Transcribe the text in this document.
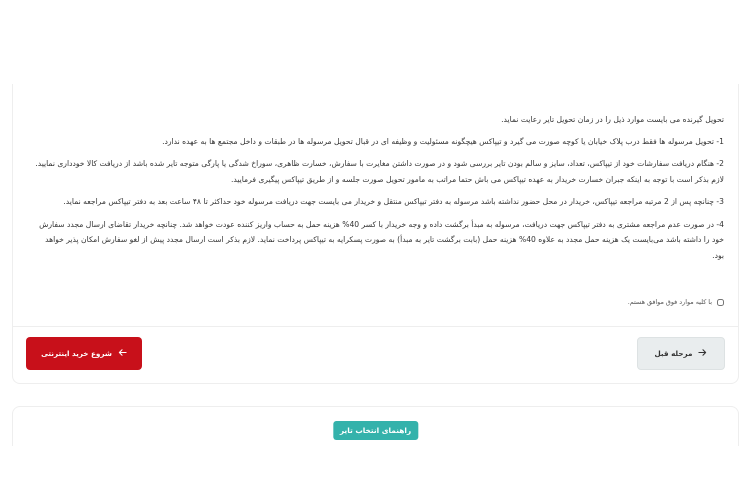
تحویل گیرنده می بایست موارد ذیل را در زمان تحویل تایر رعایت نماید.

1- تحویل مرسوله ها فقط درب پلاک خیابان یا کوچه صورت می گیرد و تیپاکس هیچگونه مسئولیت و وظیفه ای در قبال تحویل مرسوله ها در طبقات و داخل مجتمع ها به عهده ندارد.

2- هنگام دریافت سفارشات خود از تیپاکس، تعداد، سایز و سالم بودن تایر بررسی شود و در صورت داشتن مغایرت با سفارش، خسارت ظاهری، سوراخ شدگی یا پارگی متوجه تایر شده باشد از دریافت کالا خودداری نمایید. لازم بذکر است با توجه به اینکه جبران خسارت خریدار به عهده تیپاکس می باش حتما مراتب به مامور تحویل صورت جلسه و از طریق تیپاکس پیگیری فرمایید.

3- چنانچه پس از 2 مرتبه مراجعه تیپاکس، خریدار در محل حضور نداشته باشد مرسوله به دفتر تیپاکس منتقل و خریدار می بایست جهت دریافت مرسوله خود حداکثر تا ۴۸ ساعت بعد به دفتر تیپاکس مراجعه نماید.

4- در صورت عدم مراجعه مشتری به دفتر تیپاکس جهت دریافت، مرسوله به مبدأ برگشت داده و وجه خریدار با کسر 40% هزینه حمل به حساب واریز کننده عودت خواهد شد. چنانچه خریدار تقاضای ارسال مجدد سفارش خود را داشته باشد می‌بایست یک هزینه حمل مجدد به علاوه 40% هزینه حمل (بابت برگشت تایر به مبدأ) به صورت پسکرایه به تیپاکس پرداخت نماید. لازم بذکر است ارسال مجدد پیش از لغو سفارش امکان پذیر خواهد بود.

با کلیه موارد فوق موافق هستم.
مرحله قبل
شروع خرید اینترنتی
راهنمای انتخاب تایر
